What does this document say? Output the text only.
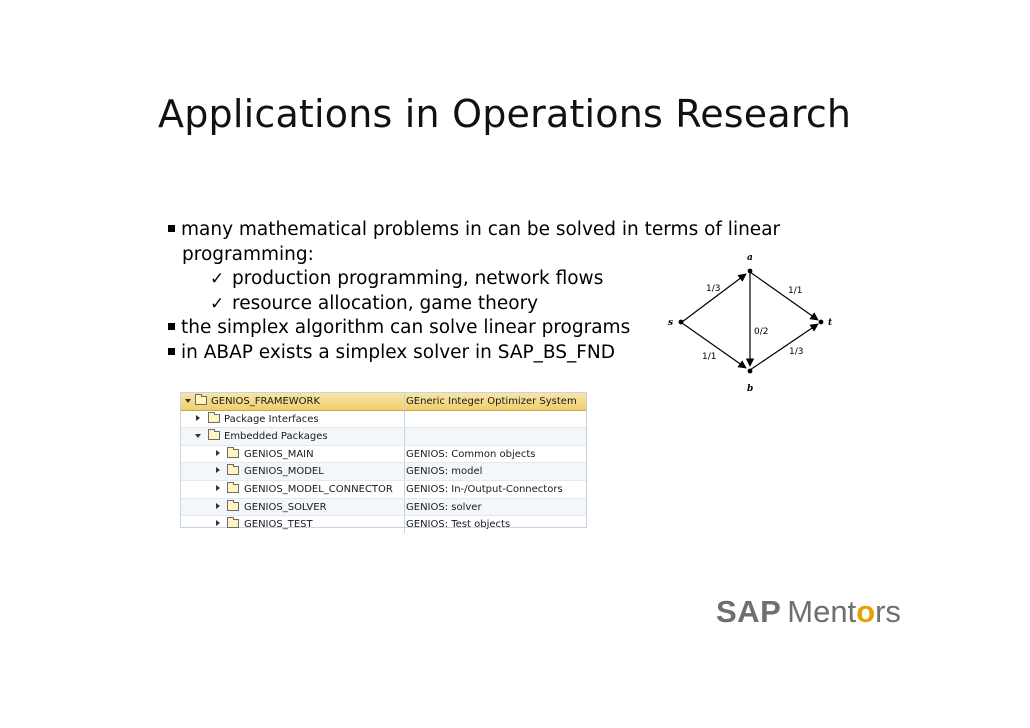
Applications in Operations Research
many mathematical problems in can be solved in terms of linear
programming:
✓ production programming, network flows
✓ resource allocation, game theory
the simplex algorithm can solve linear programs
in ABAP exists a simplex solver in SAP_BS_FND
s
a
b
t
1/3	1/1
0/2
1/1	1/3
GENIOS_FRAMEWORK	GEneric Integer Optimizer System
Package Interfaces
Embedded Packages
GENIOS_MAIN	GENIOS: Common objects
GENIOS_MODEL	GENIOS: model
GENIOS_MODEL_CONNECTOR GENIOS: In-/Output-Connectors
GENIOS_SOLVER	GENIOS: solver
GENIOS_TEST	GENIOS: Test objects
SAP Mentors
